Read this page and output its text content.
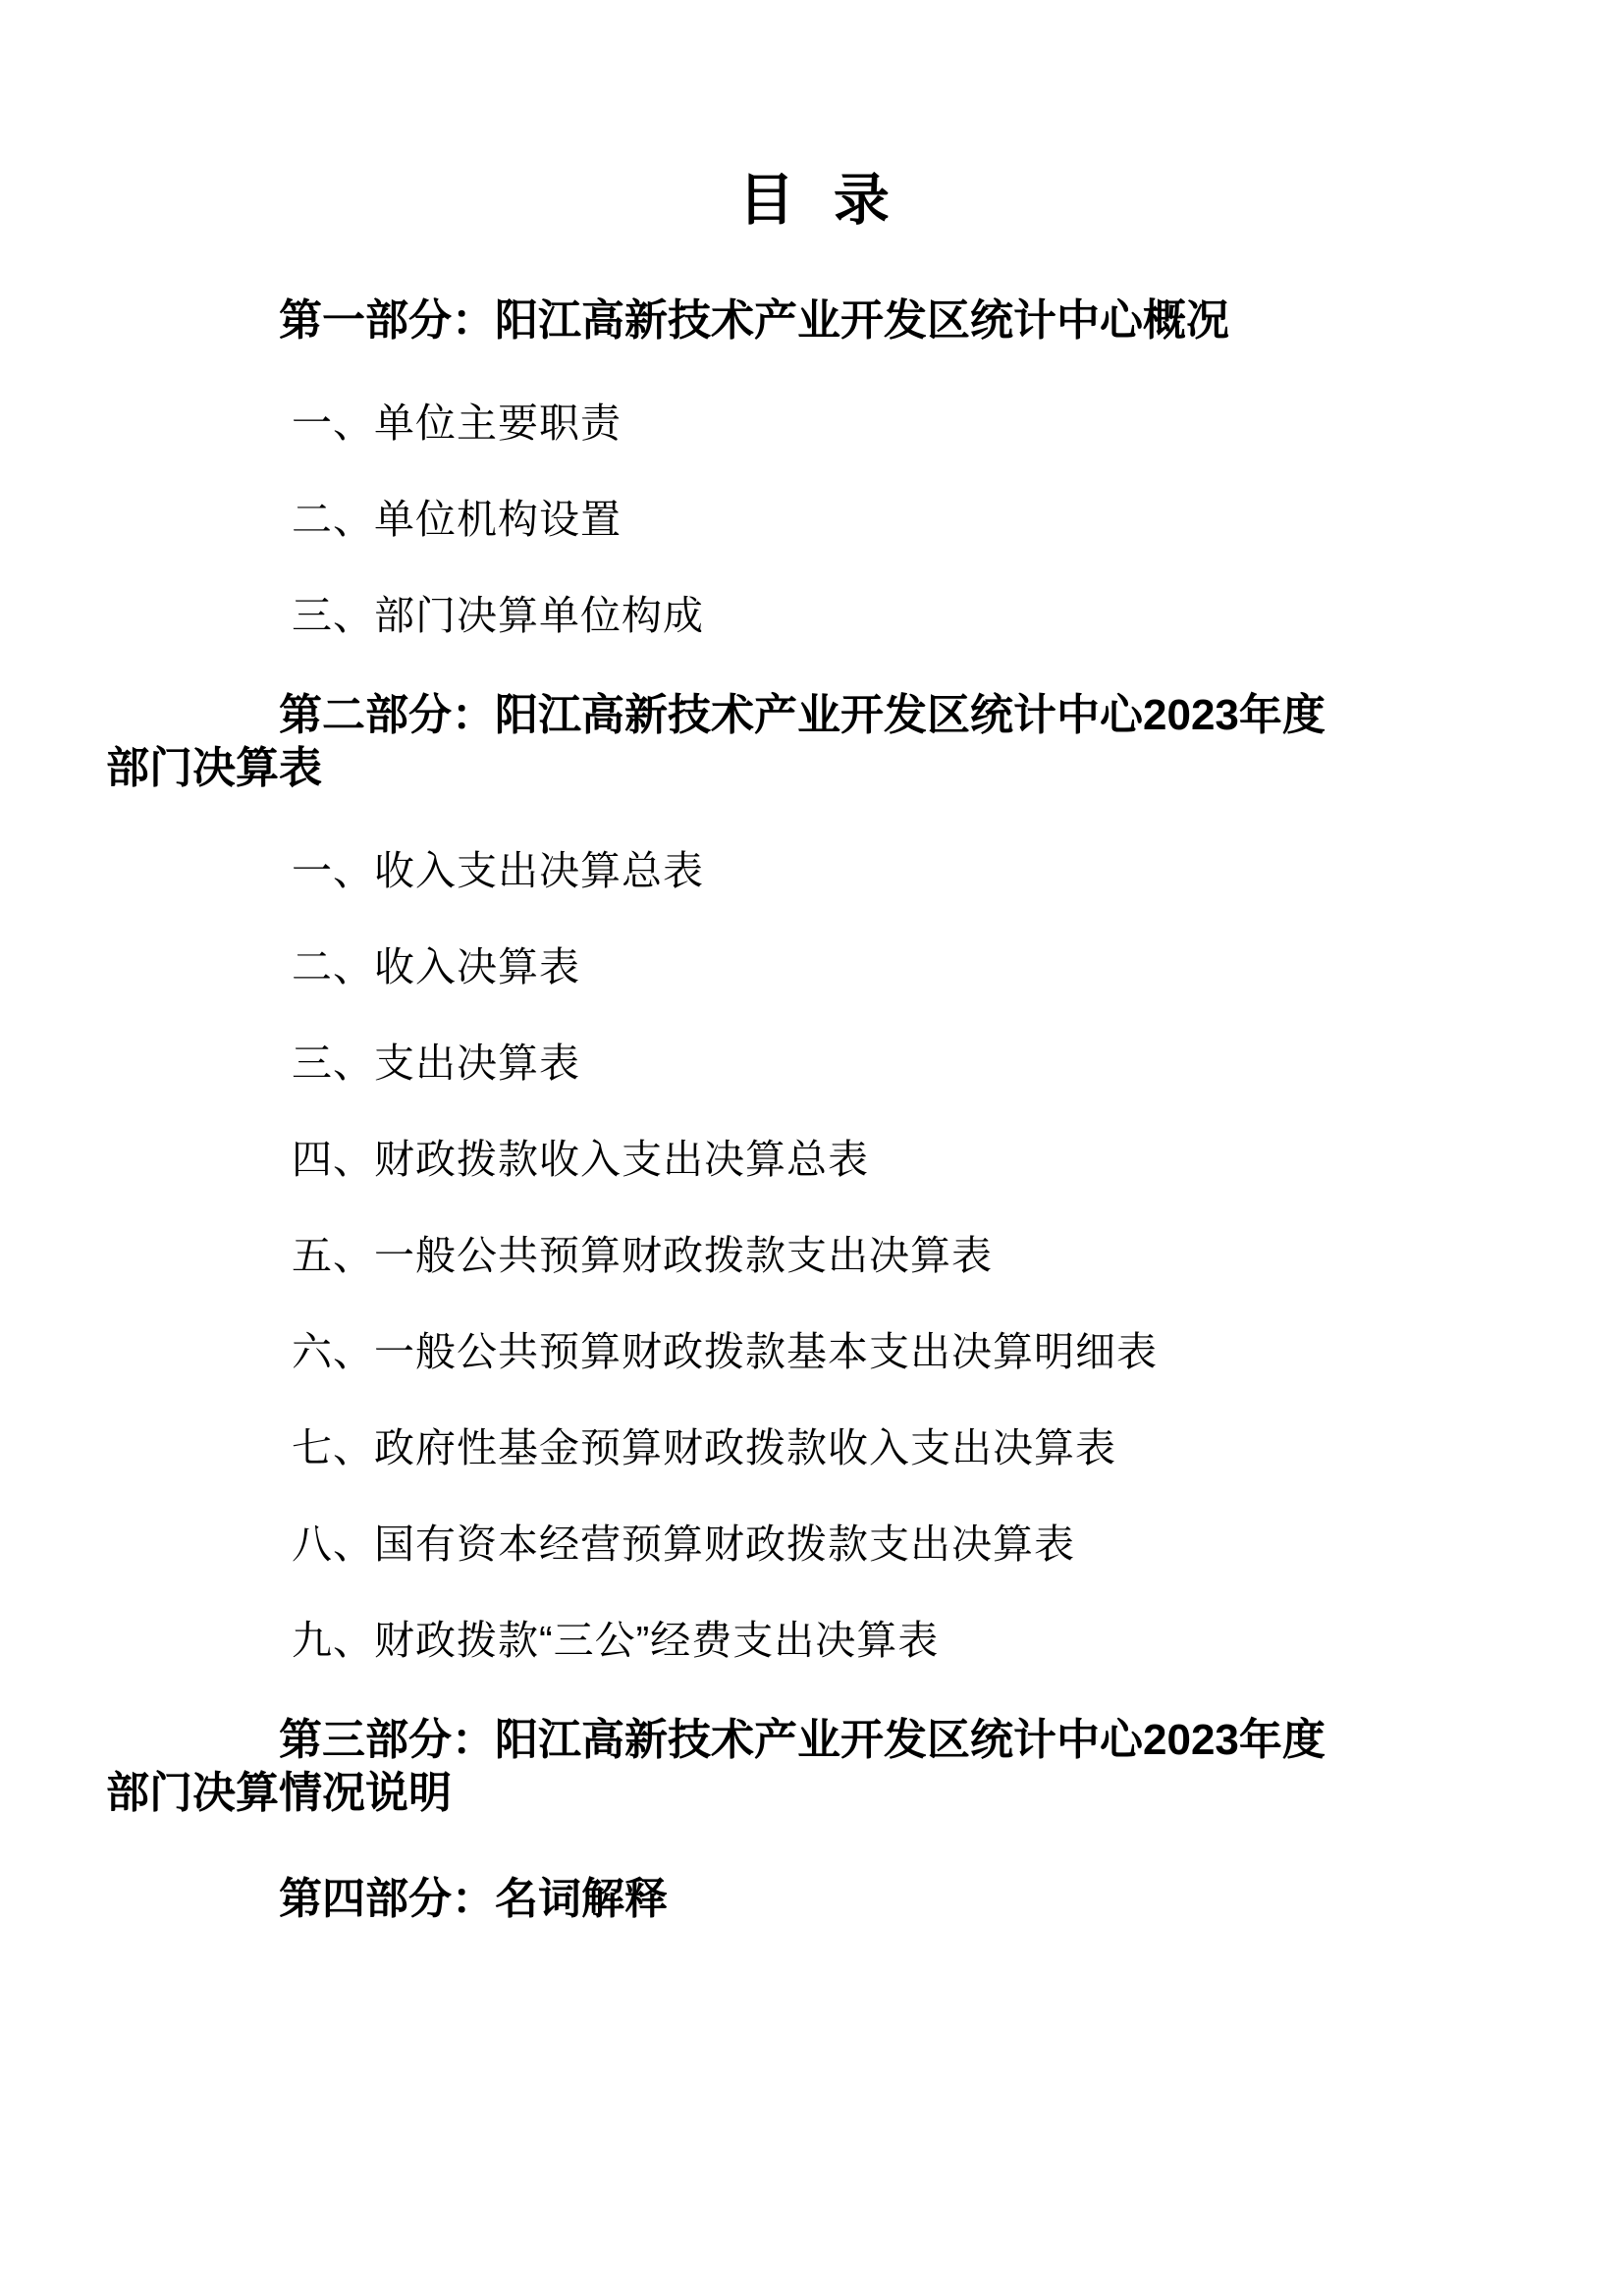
目 录

第一部分：阳江高新技术产业开发区统计中心概况

一、单位主要职责

二、单位机构设置

三、部门决算单位构成

第二部分：阳江高新技术产业开发区统计中心2023年度
部门决算表

一、收入支出决算总表

二、收入决算表

三、支出决算表

四、财政拨款收入支出决算总表

五、一般公共预算财政拨款支出决算表

六、一般公共预算财政拨款基本支出决算明细表

七、政府性基金预算财政拨款收入支出决算表

八、国有资本经营预算财政拨款支出决算表

九、财政拨款“三公”经费支出决算表

第三部分：阳江高新技术产业开发区统计中心2023年度
部门决算情况说明

第四部分：名词解释
